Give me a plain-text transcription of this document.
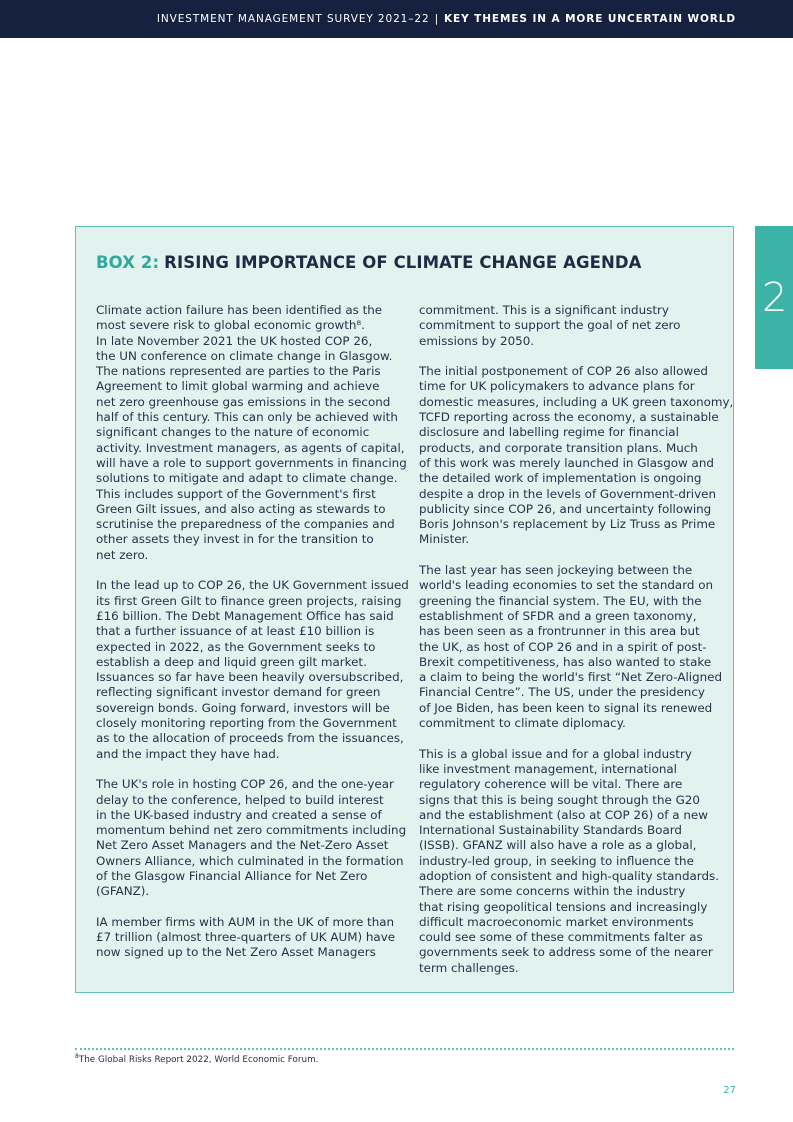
INVESTMENT MANAGEMENT SURVEY 2021–22 | KEY THEMES IN A MORE UNCERTAIN WORLD
2
BOX 2: RISING IMPORTANCE OF CLIMATE CHANGE AGENDA

Climate action failure has been identified as the
most severe risk to global economic growth⁸.
In late November 2021 the UK hosted COP 26,
the UN conference on climate change in Glasgow.
The nations represented are parties to the Paris
Agreement to limit global warming and achieve
net zero greenhouse gas emissions in the second
half of this century. This can only be achieved with
significant changes to the nature of economic
activity. Investment managers, as agents of capital,
will have a role to support governments in financing
solutions to mitigate and adapt to climate change.
This includes support of the Government's first
Green Gilt issues, and also acting as stewards to
scrutinise the preparedness of the companies and
other assets they invest in for the transition to
net zero.

In the lead up to COP 26, the UK Government issued
its first Green Gilt to finance green projects, raising
£16 billion. The Debt Management Office has said
that a further issuance of at least £10 billion is
expected in 2022, as the Government seeks to
establish a deep and liquid green gilt market.
Issuances so far have been heavily oversubscribed,
reflecting significant investor demand for green
sovereign bonds. Going forward, investors will be
closely monitoring reporting from the Government
as to the allocation of proceeds from the issuances,
and the impact they have had.

The UK's role in hosting COP 26, and the one-year
delay to the conference, helped to build interest
in the UK-based industry and created a sense of
momentum behind net zero commitments including
Net Zero Asset Managers and the Net-Zero Asset
Owners Alliance, which culminated in the formation
of the Glasgow Financial Alliance for Net Zero
(GFANZ).

IA member firms with AUM in the UK of more than
£7 trillion (almost three-quarters of UK AUM) have
now signed up to the Net Zero Asset Managers

commitment. This is a significant industry
commitment to support the goal of net zero
emissions by 2050.

The initial postponement of COP 26 also allowed
time for UK policymakers to advance plans for
domestic measures, including a UK green taxonomy,
TCFD reporting across the economy, a sustainable
disclosure and labelling regime for financial
products, and corporate transition plans. Much
of this work was merely launched in Glasgow and
the detailed work of implementation is ongoing
despite a drop in the levels of Government-driven
publicity since COP 26, and uncertainty following
Boris Johnson's replacement by Liz Truss as Prime
Minister.

The last year has seen jockeying between the
world's leading economies to set the standard on
greening the financial system. The EU, with the
establishment of SFDR and a green taxonomy,
has been seen as a frontrunner in this area but
the UK, as host of COP 26 and in a spirit of post-
Brexit competitiveness, has also wanted to stake
a claim to being the world's first “Net Zero-Aligned
Financial Centre”. The US, under the presidency
of Joe Biden, has been keen to signal its renewed
commitment to climate diplomacy.

This is a global issue and for a global industry
like investment management, international
regulatory coherence will be vital. There are
signs that this is being sought through the G20
and the establishment (also at COP 26) of a new
International Sustainability Standards Board
(ISSB). GFANZ will also have a role as a global,
industry-led group, in seeking to influence the
adoption of consistent and high-quality standards.
There are some concerns within the industry
that rising geopolitical tensions and increasingly
difficult macroeconomic market environments
could see some of these commitments falter as
governments seek to address some of the nearer
term challenges.

$^8$The Global Risks Report 2022, World Economic Forum.
27
